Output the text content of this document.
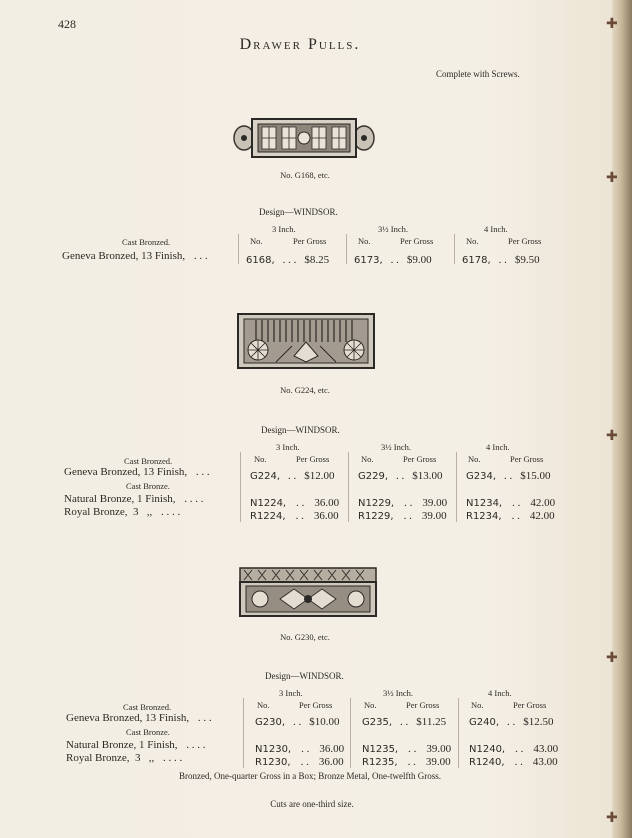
428
Drawer Pulls.
Complete with Screws.
No. G168, etc.
Design—WINDSOR.
3 Inch.	3½ Inch.	4 Inch.
Cast Bronzed.	No.	Per Gross	No.	Per Gross	No.	Per Gross
Geneva Bronzed, 13 Finish, . . .	6168, . . . $8.25 6173, . . $9.00	6178, . . $9.50
No. G224, etc.
Design—WINDSOR.
3 Inch.	3½ Inch.	4 Inch.
Cast Bronzed.	No.	Per Gross	No.	Per Gross	No.	Per Gross
Geneva Bronzed, 13 Finish, . . .	G224, . . $12.00 G229, . . $13.00 G234, . . $15.00
Cast Bronze.
Natural Bronze, 1 Finish, . . . .	N1224, . . 36.00 N1229, . . 39.00 N1234, . . 42.00
Royal Bronze,  3   ,, . . . .	R1224, . . 36.00 R1229, . . 39.00 R1234, . . 42.00
No. G230, etc.
Design—WINDSOR.
3 Inch.	3½ Inch.	4 Inch.
Cast Bronzed.	No.	Per Gross	No.	Per Gross	No.	Per Gross
Geneva Bronzed, 13 Finish, . . .	G230, . . $10.00 G235, . . $11.25 G240, . . $12.50
Cast Bronze.
Natural Bronze, 1 Finish, . . . .	N1230, . . 36.00 N1235, . . 39.00 N1240, . . 43.00
Royal Bronze,  3   ,, . . . .	R1230, . . 36.00 R1235, . . 39.00 R1240, . . 43.00
Bronzed, One-quarter Gross in a Box; Bronze Metal, One-twelfth Gross.
Cuts are one-third size.
✚
✚
✚
✚
✚
